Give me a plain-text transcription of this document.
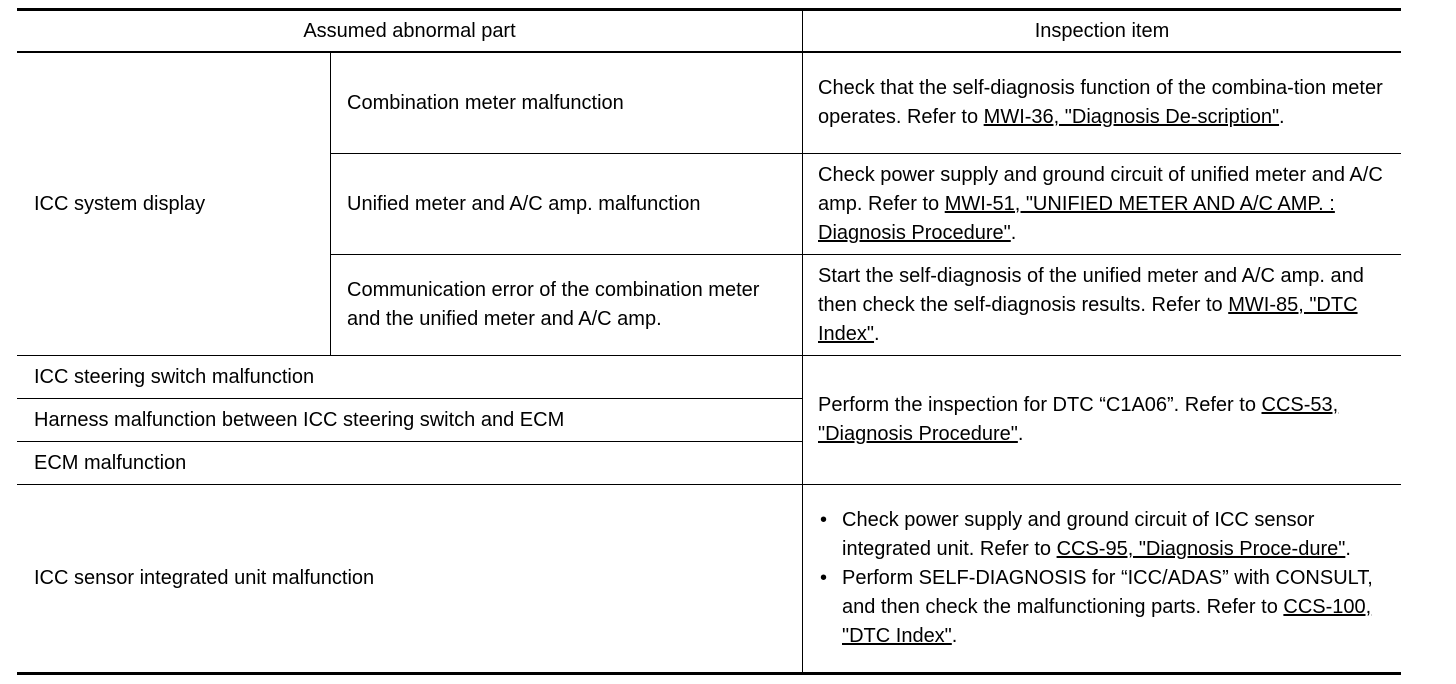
Assumed abnormal part	Inspection item
ICC system display
Combination meter malfunction
Check that the self-diagnosis function of the combina-tion meter operates. Refer to MWI-36, "Diagnosis De-scription".
Unified meter and A/C amp. malfunction
Check power supply and ground circuit of unified meter and A/C amp. Refer to MWI-51, "UNIFIED METER AND A/C AMP. : Diagnosis Procedure".
Communication error of the combination meter and the unified meter and A/C amp.
Start the self-diagnosis of the unified meter and A/C amp. and then check the self-diagnosis results. Refer to MWI-85, "DTC Index".
ICC steering switch malfunction
Harness malfunction between ICC steering switch and ECM
ECM malfunction
Perform the inspection for DTC “C1A06”. Refer to CCS-53, "Diagnosis Procedure".
ICC sensor integrated unit malfunction
• Check power supply and ground circuit of ICC sensor integrated unit. Refer to CCS-95, "Diagnosis Proce-dure".
• Perform SELF-DIAGNOSIS for “ICC/ADAS” with CONSULT, and then check the malfunctioning parts. Refer to CCS-100, "DTC Index".
